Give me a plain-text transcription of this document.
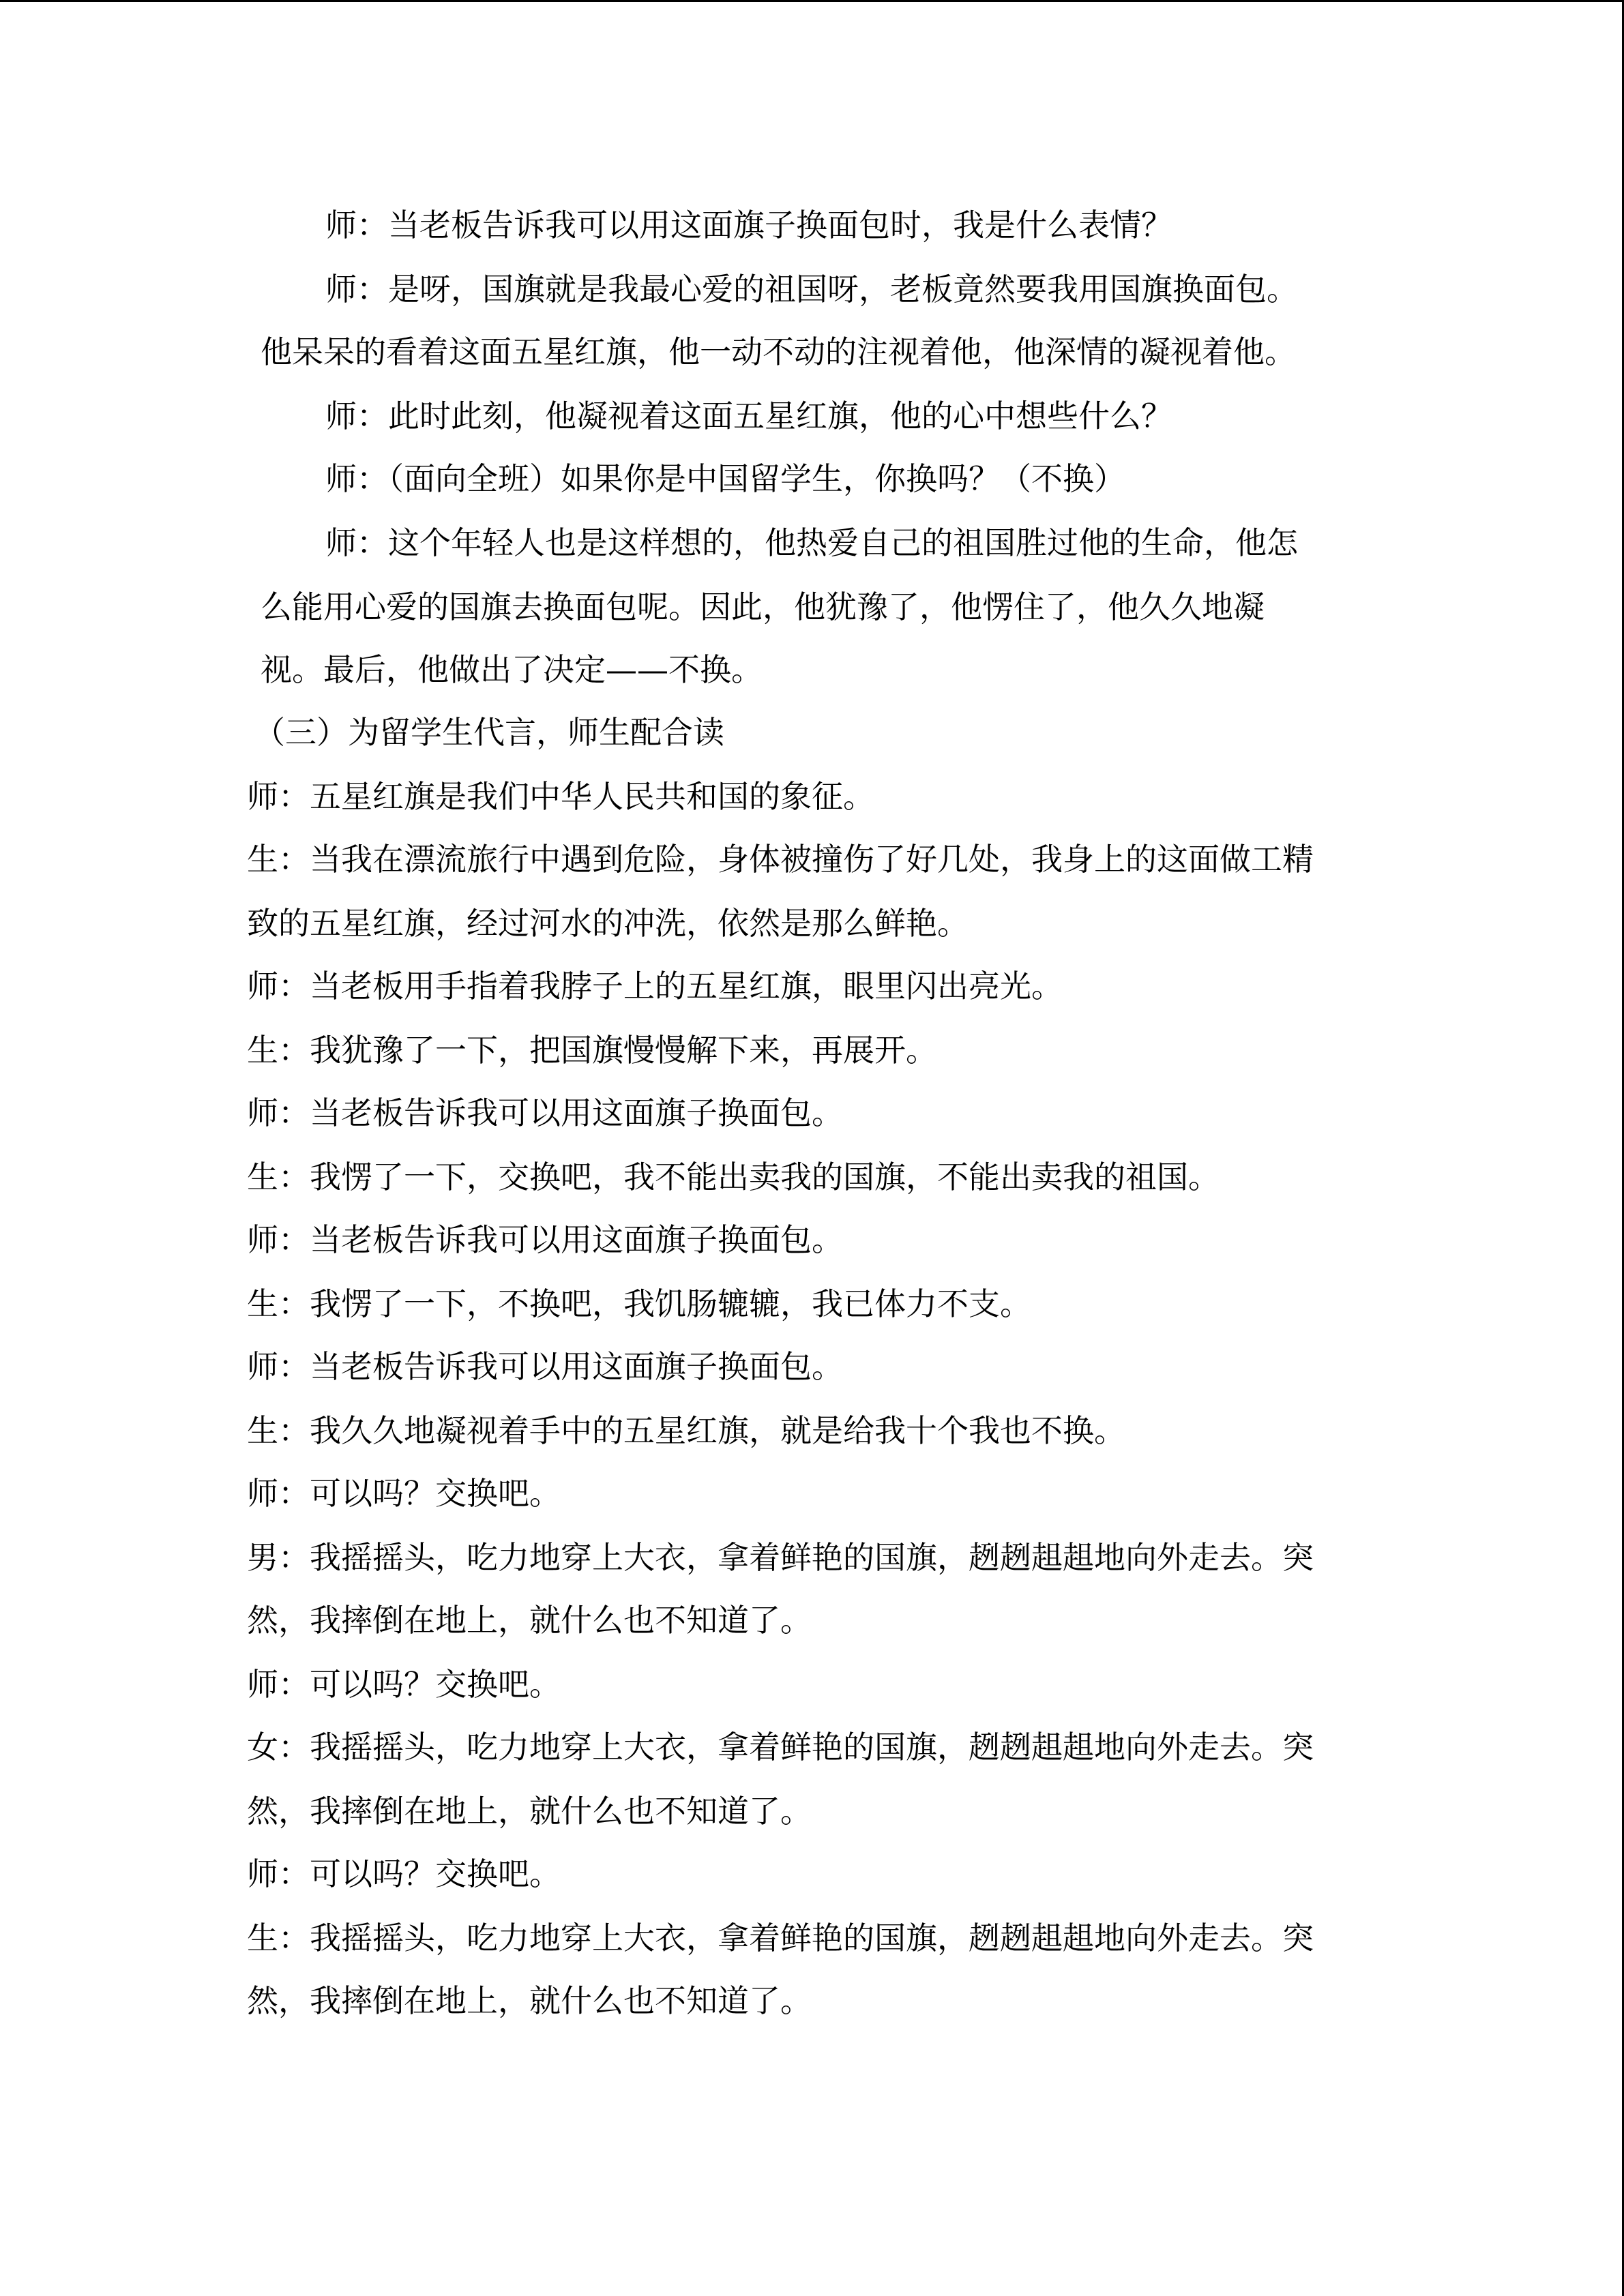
师：当老板告诉我可以用这面旗子换面包时，我是什么表情？
师：是呀，国旗就是我最心爱的祖国呀，老板竟然要我用国旗换面包。
他呆呆的看着这面五星红旗，他一动不动的注视着他，他深情的凝视着他。
师：此时此刻，他凝视着这面五星红旗，他的心中想些什么？
师：（面向全班）如果你是中国留学生，你换吗？（不换）
师：这个年轻人也是这样想的，他热爱自己的祖国胜过他的生命，他怎
么能用心爱的国旗去换面包呢。因此，他犹豫了，他愣住了，他久久地凝
视。最后，他做出了决定——不换。
（三）为留学生代言，师生配合读
师：五星红旗是我们中华人民共和国的象征。
生：当我在漂流旅行中遇到危险，身体被撞伤了好几处，我身上的这面做工精
致的五星红旗，经过河水的冲洗，依然是那么鲜艳。
师：当老板用手指着我脖子上的五星红旗，眼里闪出亮光。
生：我犹豫了一下，把国旗慢慢解下来，再展开。
师：当老板告诉我可以用这面旗子换面包。
生：我愣了一下，交换吧，我不能出卖我的国旗，不能出卖我的祖国。
师：当老板告诉我可以用这面旗子换面包。
生：我愣了一下，不换吧，我饥肠辘辘，我已体力不支。
师：当老板告诉我可以用这面旗子换面包。
生：我久久地凝视着手中的五星红旗，就是给我十个我也不换。
师：可以吗？交换吧。
男：我摇摇头，吃力地穿上大衣，拿着鲜艳的国旗，趔趔趄趄地向外走去。突
然，我摔倒在地上，就什么也不知道了。
师：可以吗？交换吧。
女：我摇摇头，吃力地穿上大衣，拿着鲜艳的国旗，趔趔趄趄地向外走去。突
然，我摔倒在地上，就什么也不知道了。
师：可以吗？交换吧。
生：我摇摇头，吃力地穿上大衣，拿着鲜艳的国旗，趔趔趄趄地向外走去。突
然，我摔倒在地上，就什么也不知道了。
